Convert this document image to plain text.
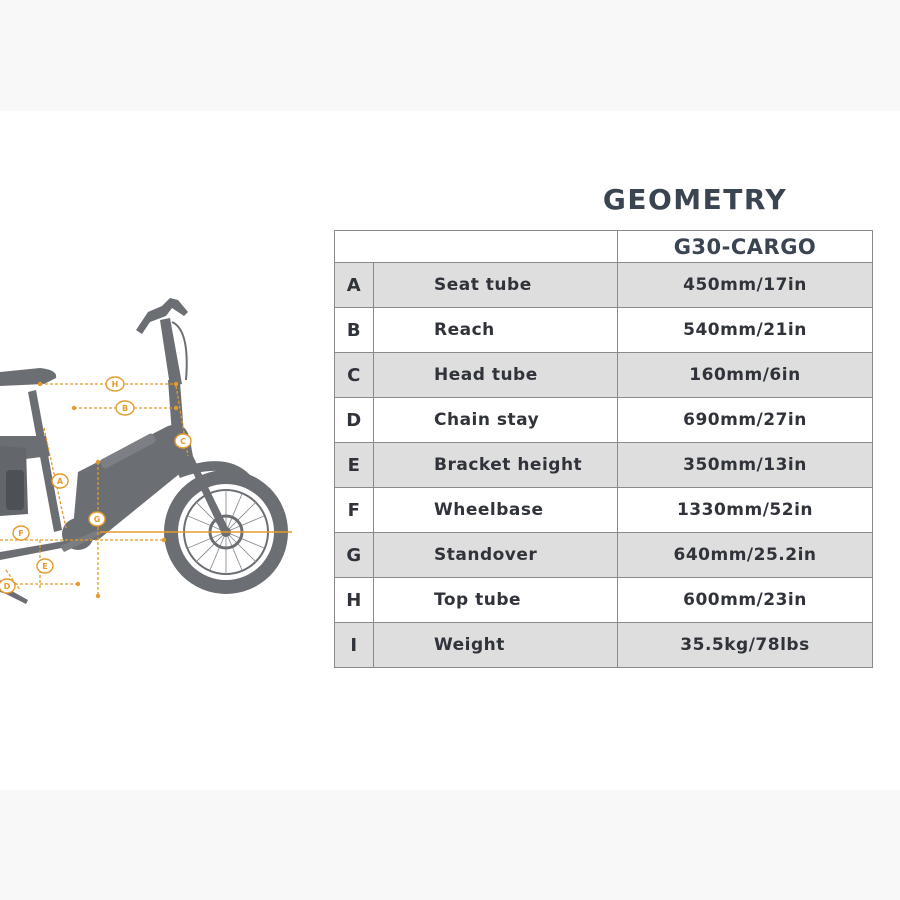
H
B
C
A
G
F
E
D
GEOMETRY
		G30-CARGO
A	Seat tube	450mm/17in
B	Reach	540mm/21in
C	Head tube	160mm/6in
D	Chain stay	690mm/27in
E	Bracket height	350mm/13in
F	Wheelbase	1330mm/52in
G	Standover	640mm/25.2in
H	Top tube	600mm/23in
I	Weight	35.5kg/78lbs
